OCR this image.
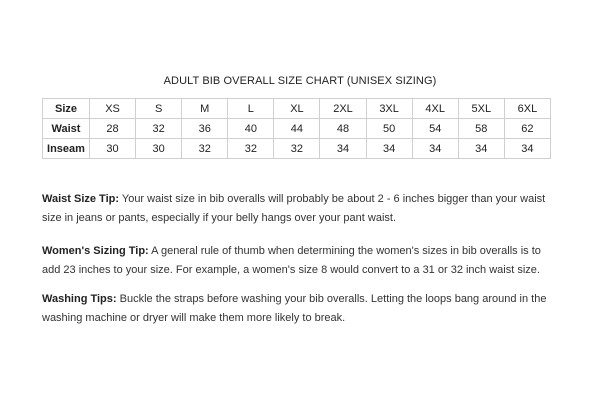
ADULT BIB OVERALL SIZE CHART (UNISEX SIZING)
Size	XS	S	M	L	XL	2XL	3XL	4XL	5XL	6XL
Waist	28	32	36	40	44	48	50	54	58	62
Inseam	30	30	32	32	32	34	34	34	34	34

Waist Size Tip: Your waist size in bib overalls will probably be about 2 - 6 inches bigger than your waist size in jeans or pants, especially if your belly hangs over your pant waist.

Women's Sizing Tip: A general rule of thumb when determining the women's sizes in bib overalls is to add 23 inches to your size. For example, a women's size 8 would convert to a 31 or 32 inch waist size.

Washing Tips: Buckle the straps before washing your bib overalls. Letting the loops bang around in the washing machine or dryer will make them more likely to break.
